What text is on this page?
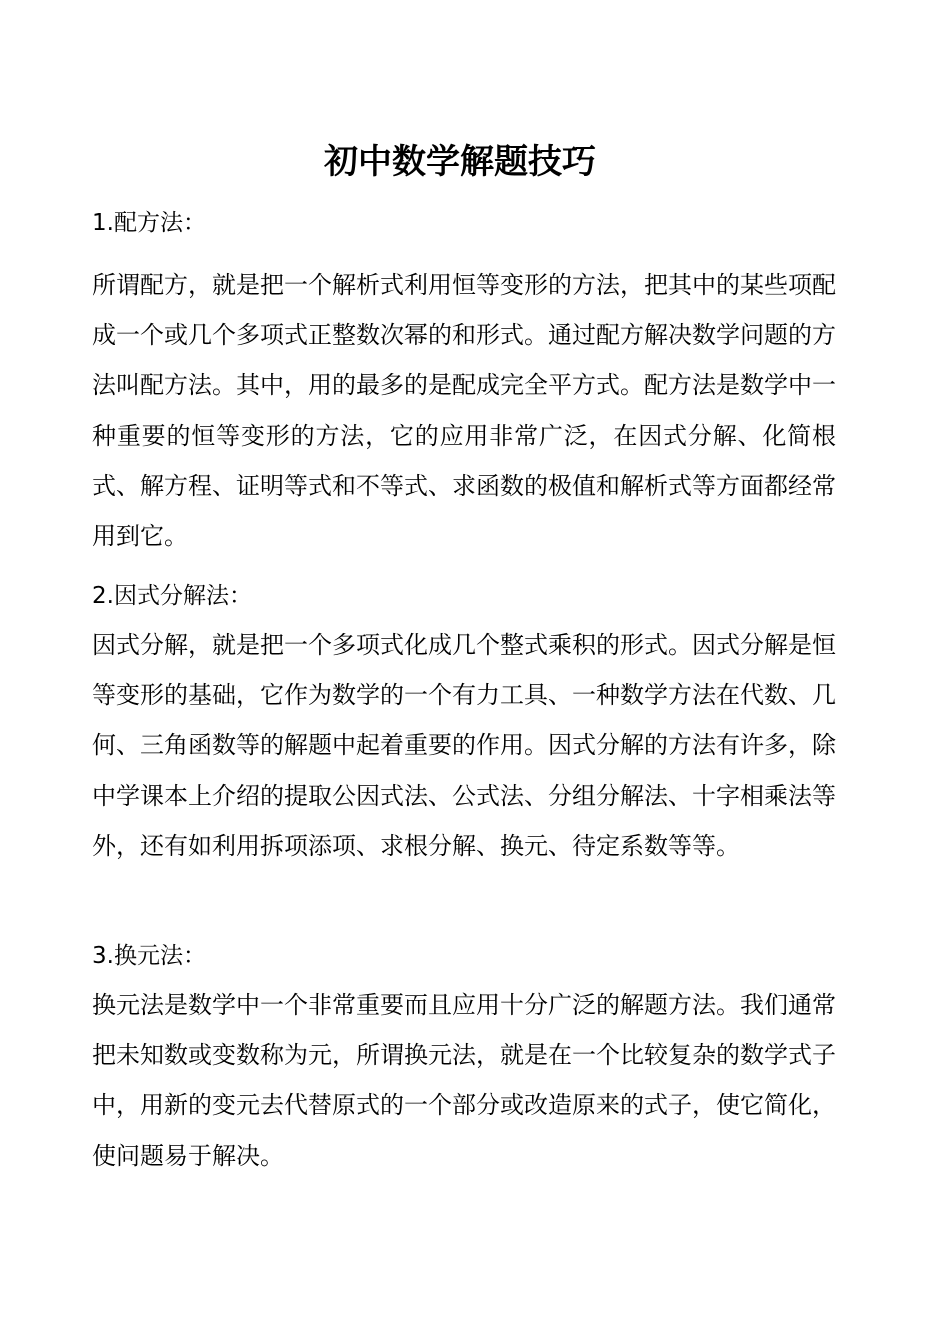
初中数学解题技巧
1.配方法：

所谓配方，就是把一个解析式利用恒等变形的方法，把其中的某些项配成一个或几个多项式正整数次幂的和形式。通过配方解决数学问题的方法叫配方法。其中，用的最多的是配成完全平方式。配方法是数学中一种重要的恒等变形的方法，它的应用非常广泛，在因式分解、化简根式、解方程、证明等式和不等式、求函数的极值和解析式等方面都经常用到它。

2.因式分解法：

因式分解，就是把一个多项式化成几个整式乘积的形式。因式分解是恒等变形的基础，它作为数学的一个有力工具、一种数学方法在代数、几何、三角函数等的解题中起着重要的作用。因式分解的方法有许多，除中学课本上介绍的提取公因式法、公式法、分组分解法、十字相乘法等外，还有如利用拆项添项、求根分解、换元、待定系数等等。

3.换元法：

换元法是数学中一个非常重要而且应用十分广泛的解题方法。我们通常把未知数或变数称为元，所谓换元法，就是在一个比较复杂的数学式子中，用新的变元去代替原式的一个部分或改造原来的式子，使它简化，使问题易于解决。
